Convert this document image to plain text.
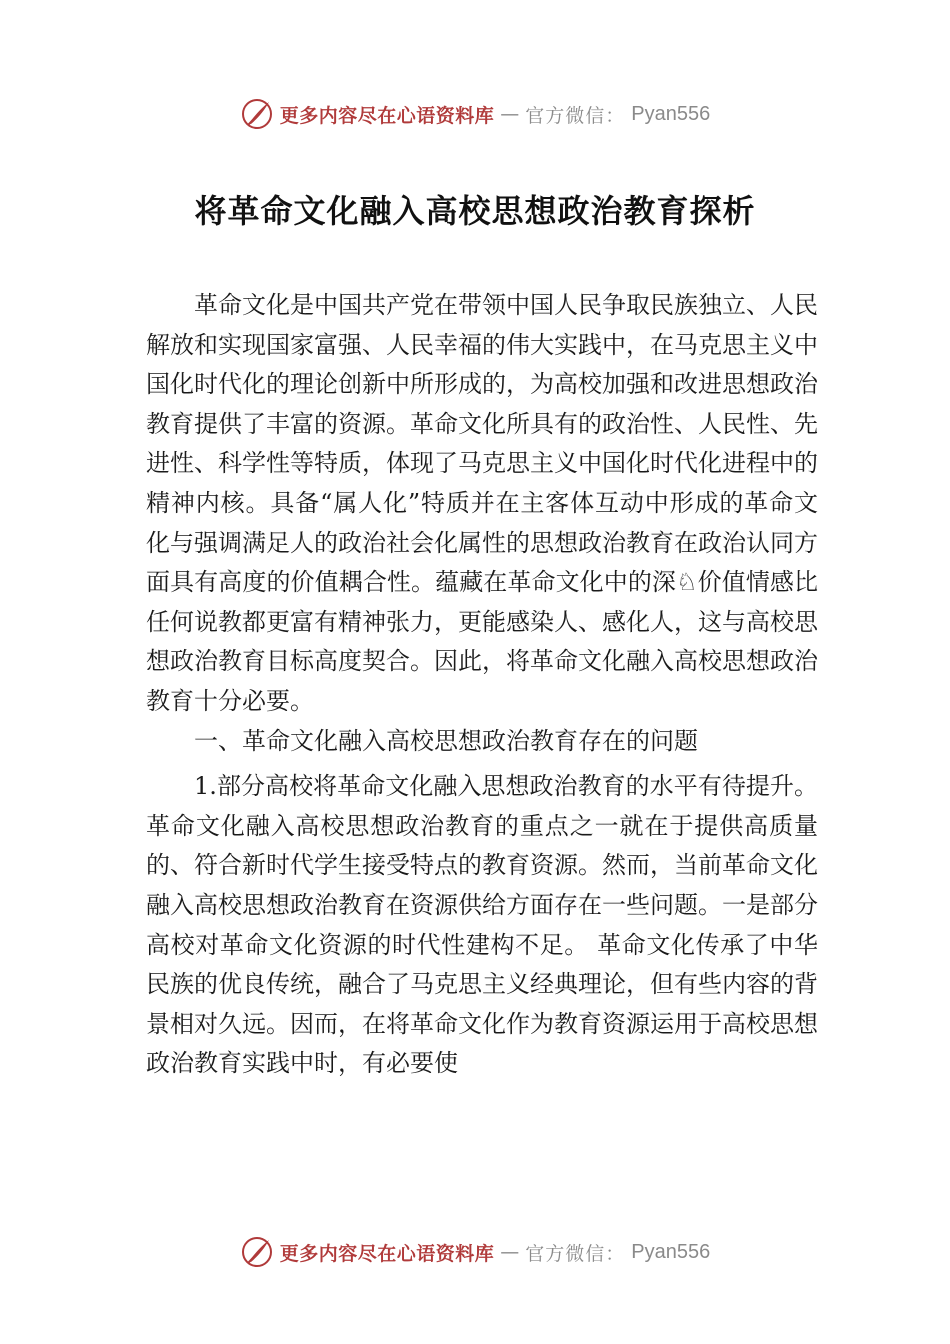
更多内容尽在心语资料库 — 官方微信： Pyan556
将革命文化融入高校思想政治教育探析

革命文化是中国共产党在带领中国人民争取民族独立、人民解放和实现国家富强、人民幸福的伟大实践中，在马克思主义中国化时代化的理论创新中所形成的，为高校加强和改进思想政治教育提供了丰富的资源。革命文化所具有的政治性、人民性、先进性、科学性等特质，体现了马克思主义中国化时代化进程中的精神内核。具备“属人化”特质并在主客体互动中形成的革命文化与强调满足人的政治社会化属性的思想政治教育在政治认同方面具有高度的价值耦合性。蕴藏在革命文化中的深♘价值情感比任何说教都更富有精神张力，更能感染人、感化人，这与高校思想政治教育目标高度契合。因此，将革命文化融入高校思想政治教育十分必要。

一、革命文化融入高校思想政治教育存在的问题

1.部分高校将革命文化融入思想政治教育的水平有待提升。革命文化融入高校思想政治教育的重点之一就在于提供高质量的、符合新时代学生接受特点的教育资源。然而，当前革命文化融入高校思想政治教育在资源供给方面存在一些问题。一是部分高校对革命文化资源的时代性建构不足。 革命文化传承了中华民族的优良传统，融合了马克思主义经典理论，但有些内容的背景相对久远。因而，在将革命文化作为教育资源运用于高校思想政治教育实践中时，有必要使

更多内容尽在心语资料库 — 官方微信： Pyan556
